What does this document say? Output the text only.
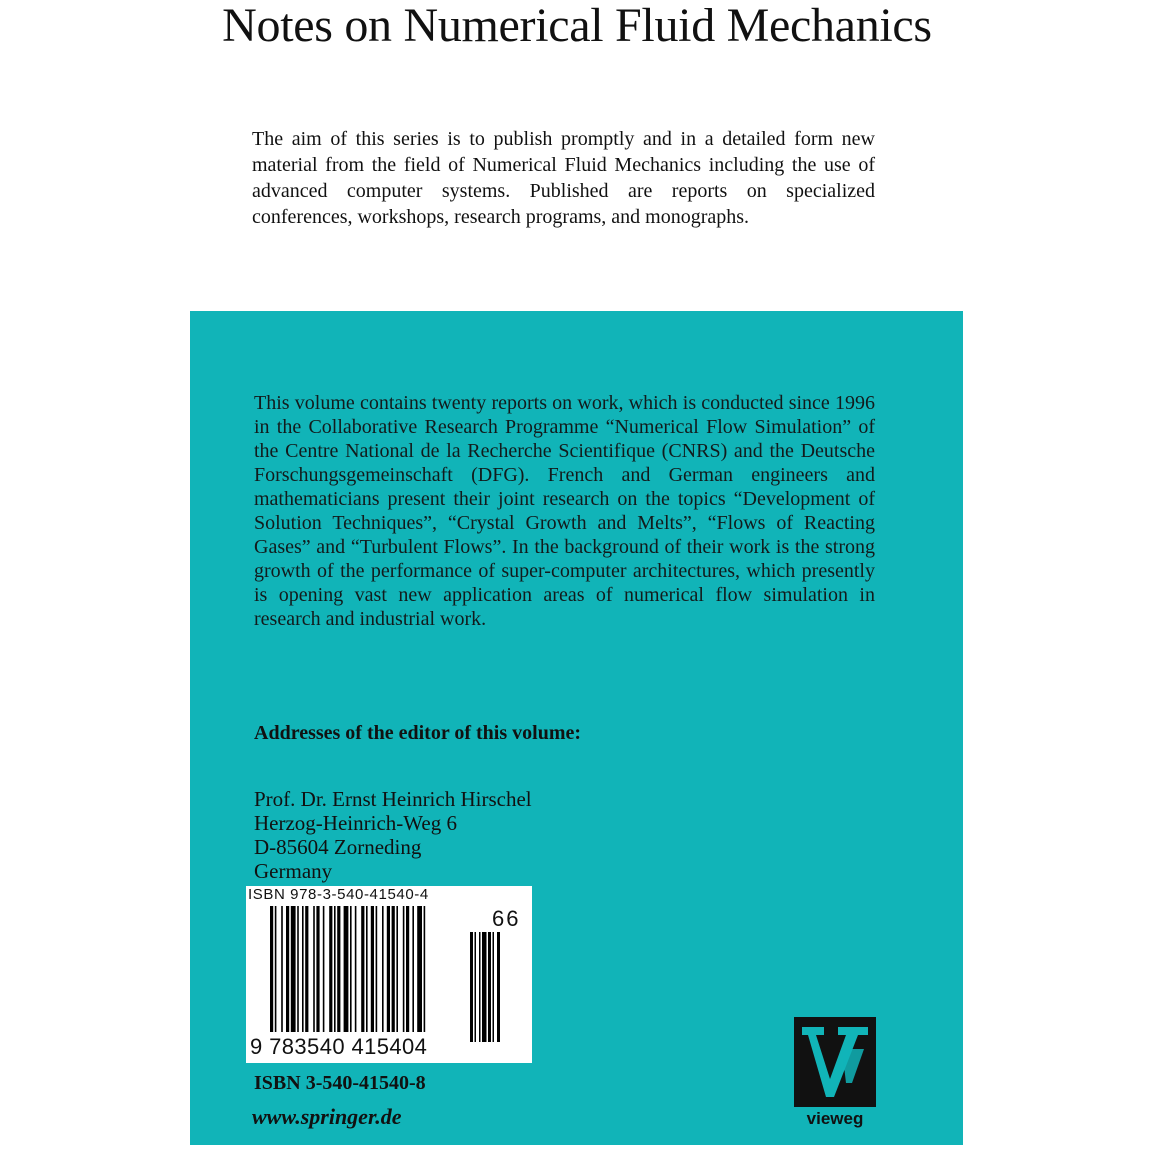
Notes on Numerical Fluid Mechanics

The aim of this series is to publish promptly and in a detailed form new material from the field of Numerical Fluid Mechanics including the use of advanced computer systems. Published are reports on specialized conferences, workshops, research programs, and monographs.

This volume contains twenty reports on work, which is conducted since 1996 in the Collaborative Research Programme “Numerical Flow Simulation” of the Centre National de la Recherche Scientifique (CNRS) and the Deutsche Forschungsgemeinschaft (DFG). French and German engineers and mathematicians present their joint research on the topics “Development of Solution Techniques”, “Crystal Growth and Melts”, “Flows of Reacting Gases” and “Turbulent Flows”. In the background of their work is the strong growth of the performance of super-computer architectures, which presently is opening vast new application areas of numerical flow simulation in research and industrial work.

Addresses of the editor of this volume:

Prof. Dr. Ernst Heinrich Hirschel
Herzog-Heinrich-Weg 6
D-85604 Zorneding
Germany
ISBN 978-3-540-41540-4
66
9 783540 415404

ISBN 3-540-41540-8

www.springer.de	vieweg
